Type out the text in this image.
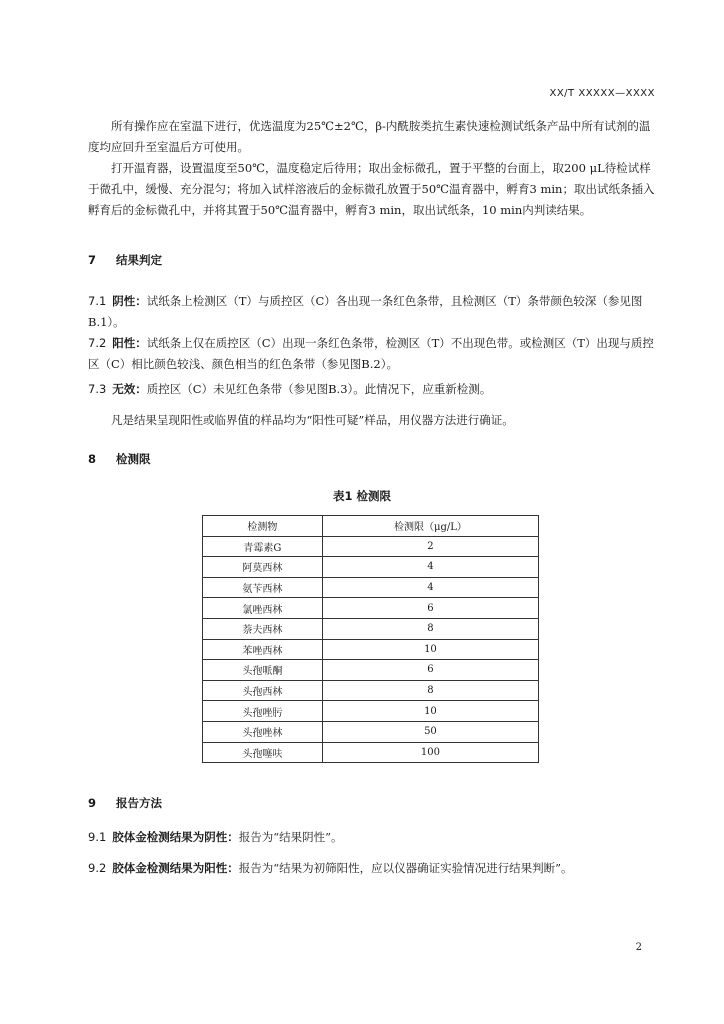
XX/T XXXXX—XXXX
所有操作应在室温下进行，优选温度为25℃±2℃，β-内酰胺类抗生素快速检测试纸条产品中所有试剂的温度均应回升至室温后方可使用。
打开温育器，设置温度至50℃，温度稳定后待用；取出金标微孔，置于平整的台面上，取200 μL待检试样于微孔中，缓慢、充分混匀；将加入试样溶液后的金标微孔放置于50℃温育器中，孵育3 min；取出试纸条插入孵育后的金标微孔中，并将其置于50℃温育器中，孵育3 min，取出试纸条，10 min内判读结果。
7 结果判定
7.1 阴性：试纸条上检测区（T）与质控区（C）各出现一条红色条带，且检测区（T）条带颜色较深（参见图B.1）。
7.2 阳性：试纸条上仅在质控区（C）出现一条红色条带，检测区（T）不出现色带。或检测区（T）出现与质控区（C）相比颜色较浅、颜色相当的红色条带（参见图B.2）。
7.3 无效：质控区（C）未见红色条带（参见图B.3）。此情况下，应重新检测。
凡是结果呈现阳性或临界值的样品均为“阳性可疑”样品，用仪器方法进行确证。
8 检测限
表1 检测限
检测物	检测限（μg/L）
青霉素G	2
阿莫西林	4
氨苄西林	4
氯唑西林	6
萘夫西林	8
苯唑西林	10
头孢哌酮	6
头孢西林	8
头孢唑肟	10
头孢唑林	50
头孢噻呋	100
9 报告方法
9.1 胶体金检测结果为阴性：报告为“结果阴性”。
9.2 胶体金检测结果为阳性：报告为“结果为初筛阳性，应以仪器确证实验情况进行结果判断”。
2
